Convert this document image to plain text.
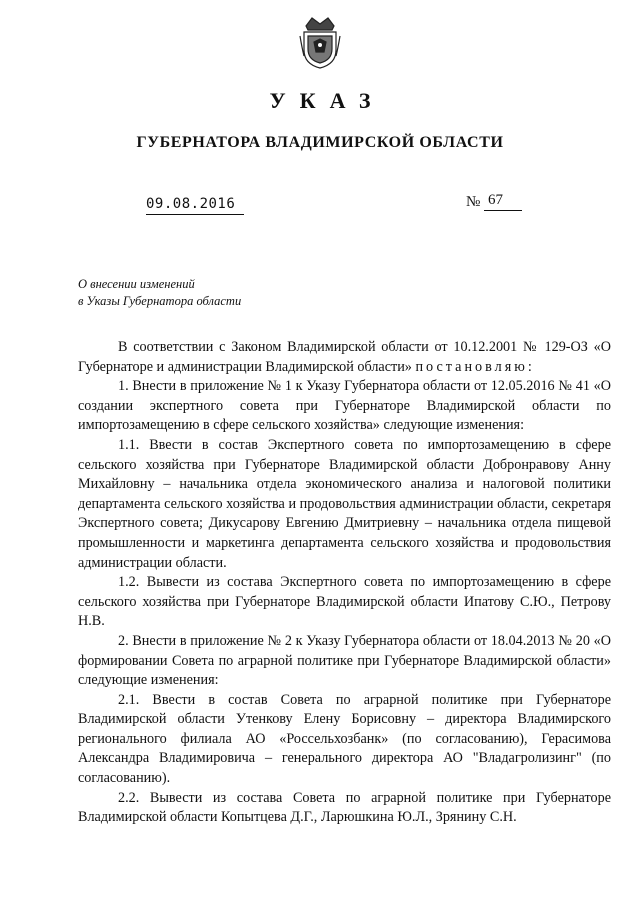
УКАЗ
ГУБЕРНАТОРА ВЛАДИМИРСКОЙ ОБЛАСТИ
09.08.2016	№ 67
О внесении изменений
в Указы Губернатора области

В соответствии с Законом Владимирской области от 10.12.2001 № 129-ОЗ «О Губернаторе и администрации Владимирской области» постановляю:

1. Внести в приложение № 1 к Указу Губернатора области от 12.05.2016 № 41 «О создании экспертного совета при Губернаторе Владимирской области по импортозамещению в сфере сельского хозяйства» следующие изменения:

1.1. Ввести в состав Экспертного совета по импортозамещению в сфере сельского хозяйства при Губернаторе Владимирской области Добронравову Анну Михайловну – начальника отдела экономического анализа и налоговой политики департамента сельского хозяйства и продовольствия администрации области, секретаря Экспертного совета; Дикусарову Евгению Дмитриевну – начальника отдела пищевой промышленности и маркетинга департамента сельского хозяйства и продовольствия администрации области.

1.2. Вывести из состава Экспертного совета по импортозамещению в сфере сельского хозяйства при Губернаторе Владимирской области Ипатову С.Ю., Петрову Н.В.

2. Внести в приложение № 2 к Указу Губернатора области от 18.04.2013 № 20 «О формировании Совета по аграрной политике при Губернаторе Владимирской области» следующие изменения:

2.1. Ввести в состав Совета по аграрной политике при Губернаторе Владимирской области Утенкову Елену Борисовну – директора Владимирского регионального филиала АО «Россельхозбанк» (по согласованию), Герасимова Александра Владимировича – генерального директора АО "Владагролизинг" (по согласованию).

2.2. Вывести из состава Совета по аграрной политике при Губернаторе Владимирской области Копытцева Д.Г., Ларюшкина Ю.Л., Зрянину С.Н.
